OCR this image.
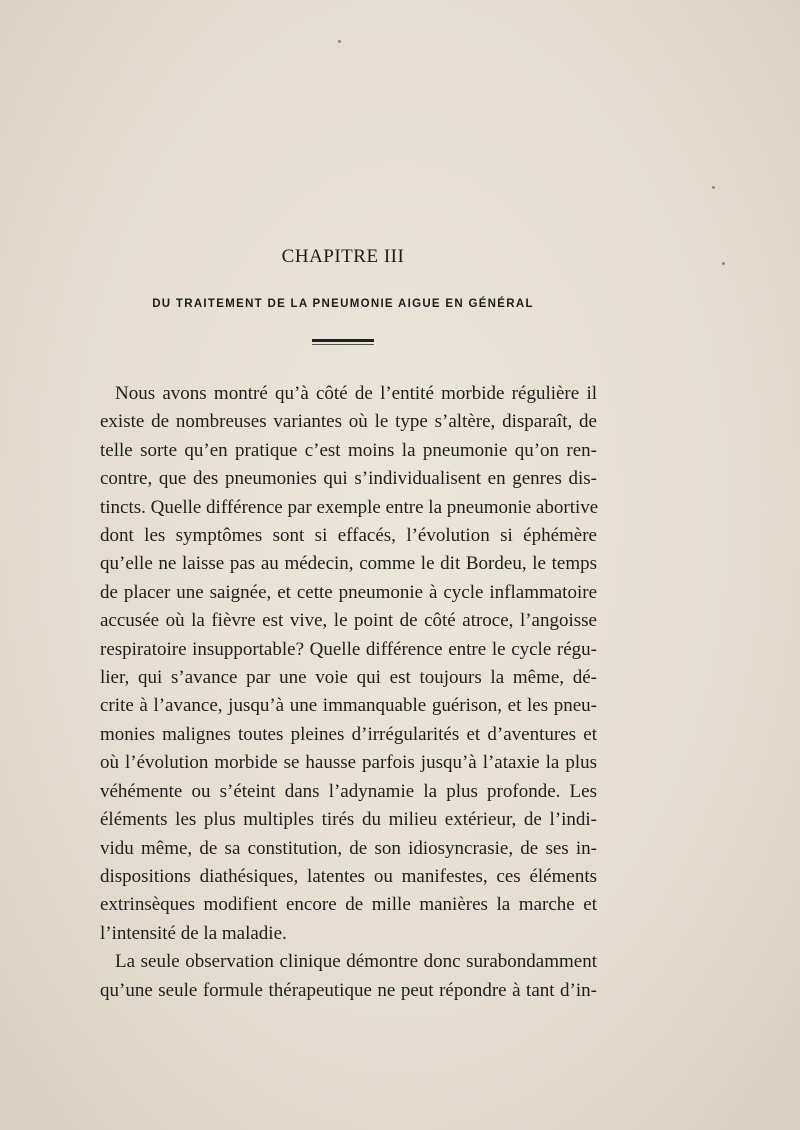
CHAPITRE III
DU TRAITEMENT DE LA PNEUMONIE AIGUE EN GÉNÉRAL
Nous avons montré qu’à côté de l’entité morbide régulière il
existe de nombreuses variantes où le type s’altère, disparaît, de
telle sorte qu’en pratique c’est moins la pneumonie qu’on ren-
contre, que des pneumonies qui s’individualisent en genres dis-
tincts. Quelle différence par exemple entre la pneumonie abortive
dont les symptômes sont si effacés, l’évolution si éphémère
qu’elle ne laisse pas au médecin, comme le dit Bordeu, le temps
de placer une saignée, et cette pneumonie à cycle inflammatoire
accusée où la fièvre est vive, le point de côté atroce, l’angoisse
respiratoire insupportable? Quelle différence entre le cycle régu-
lier, qui s’avance par une voie qui est toujours la même, dé-
crite à l’avance, jusqu’à une immanquable guérison, et les pneu-
monies malignes toutes pleines d’irrégularités et d’aventures et
où l’évolution morbide se hausse parfois jusqu’à l’ataxie la plus
véhémente ou s’éteint dans l’adynamie la plus profonde. Les
éléments les plus multiples tirés du milieu extérieur, de l’indi-
vidu même, de sa constitution, de son idiosyncrasie, de ses in-
dispositions diathésiques, latentes ou manifestes, ces éléments
extrinsèques modifient encore de mille manières la marche et
l’intensité de la maladie.
La seule observation clinique démontre donc surabondamment
qu’une seule formule thérapeutique ne peut répondre à tant d’in-
